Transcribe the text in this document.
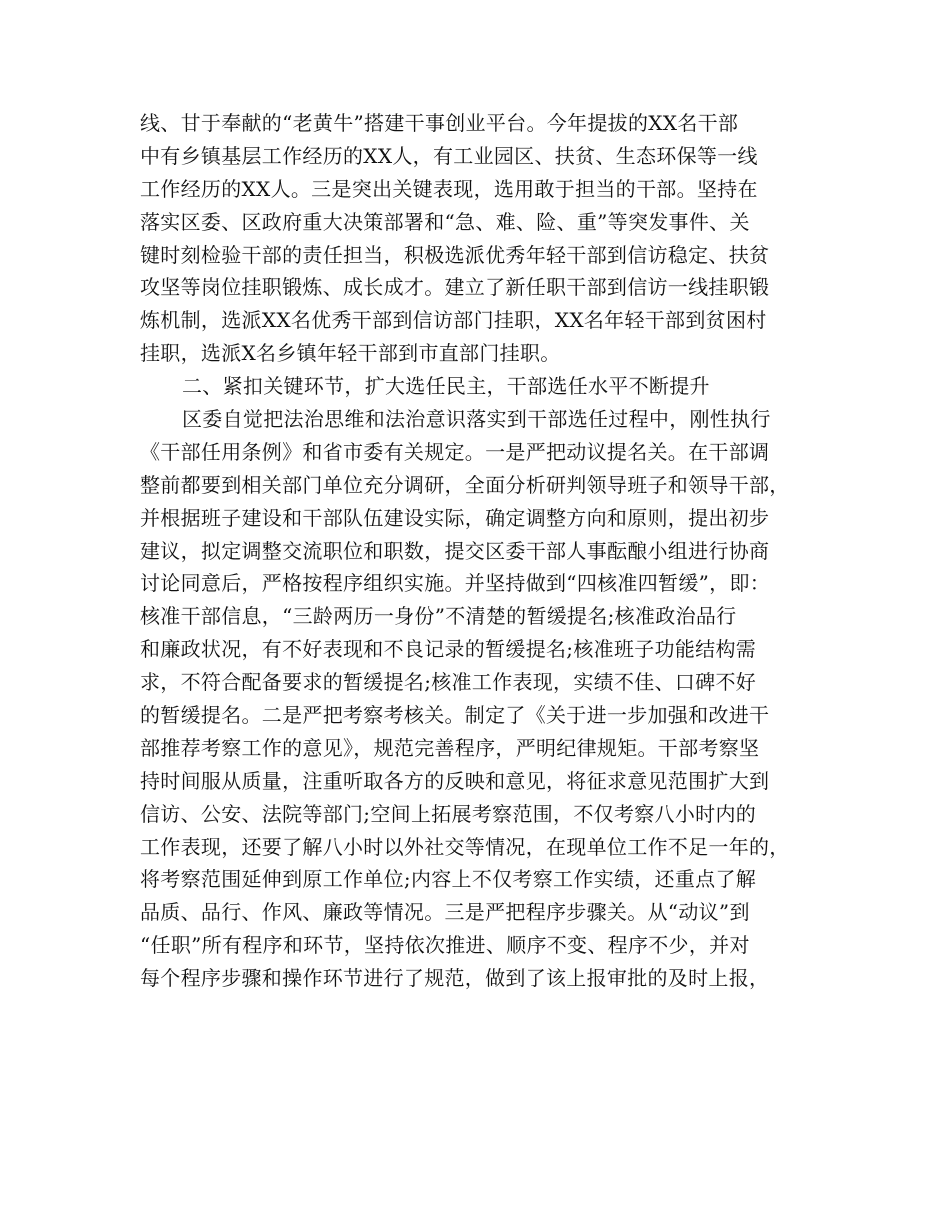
线、甘于奉献的“老黄牛”搭建干事创业平台。今年提拔的XX名干部
中有乡镇基层工作经历的XX人，有工业园区、扶贫、生态环保等一线
工作经历的XX人。三是突出关键表现，选用敢于担当的干部。坚持在
落实区委、区政府重大决策部署和“急、难、险、重”等突发事件、关
键时刻检验干部的责任担当，积极选派优秀年轻干部到信访稳定、扶贫
攻坚等岗位挂职锻炼、成长成才。建立了新任职干部到信访一线挂职锻
炼机制，选派XX名优秀干部到信访部门挂职，XX名年轻干部到贫困村
挂职，选派X名乡镇年轻干部到市直部门挂职。
二、紧扣关键环节，扩大选任民主，干部选任水平不断提升
区委自觉把法治思维和法治意识落实到干部选任过程中，刚性执行
《干部任用条例》和省市委有关规定。一是严把动议提名关。在干部调
整前都要到相关部门单位充分调研，全面分析研判领导班子和领导干部，
并根据班子建设和干部队伍建设实际，确定调整方向和原则，提出初步
建议，拟定调整交流职位和职数，提交区委干部人事酝酿小组进行协商
讨论同意后，严格按程序组织实施。并坚持做到“四核准四暂缓”，即：
核准干部信息，“三龄两历一身份”不清楚的暂缓提名;核准政治品行
和廉政状况，有不好表现和不良记录的暂缓提名;核准班子功能结构需
求，不符合配备要求的暂缓提名;核准工作表现，实绩不佳、口碑不好
的暂缓提名。二是严把考察考核关。制定了《关于进一步加强和改进干
部推荐考察工作的意见》，规范完善程序，严明纪律规矩。干部考察坚
持时间服从质量，注重听取各方的反映和意见，将征求意见范围扩大到
信访、公安、法院等部门;空间上拓展考察范围，不仅考察八小时内的
工作表现，还要了解八小时以外社交等情况，在现单位工作不足一年的，
将考察范围延伸到原工作单位;内容上不仅考察工作实绩，还重点了解
品质、品行、作风、廉政等情况。三是严把程序步骤关。从“动议”到
“任职”所有程序和环节，坚持依次推进、顺序不变、程序不少，并对
每个程序步骤和操作环节进行了规范，做到了该上报审批的及时上报，
